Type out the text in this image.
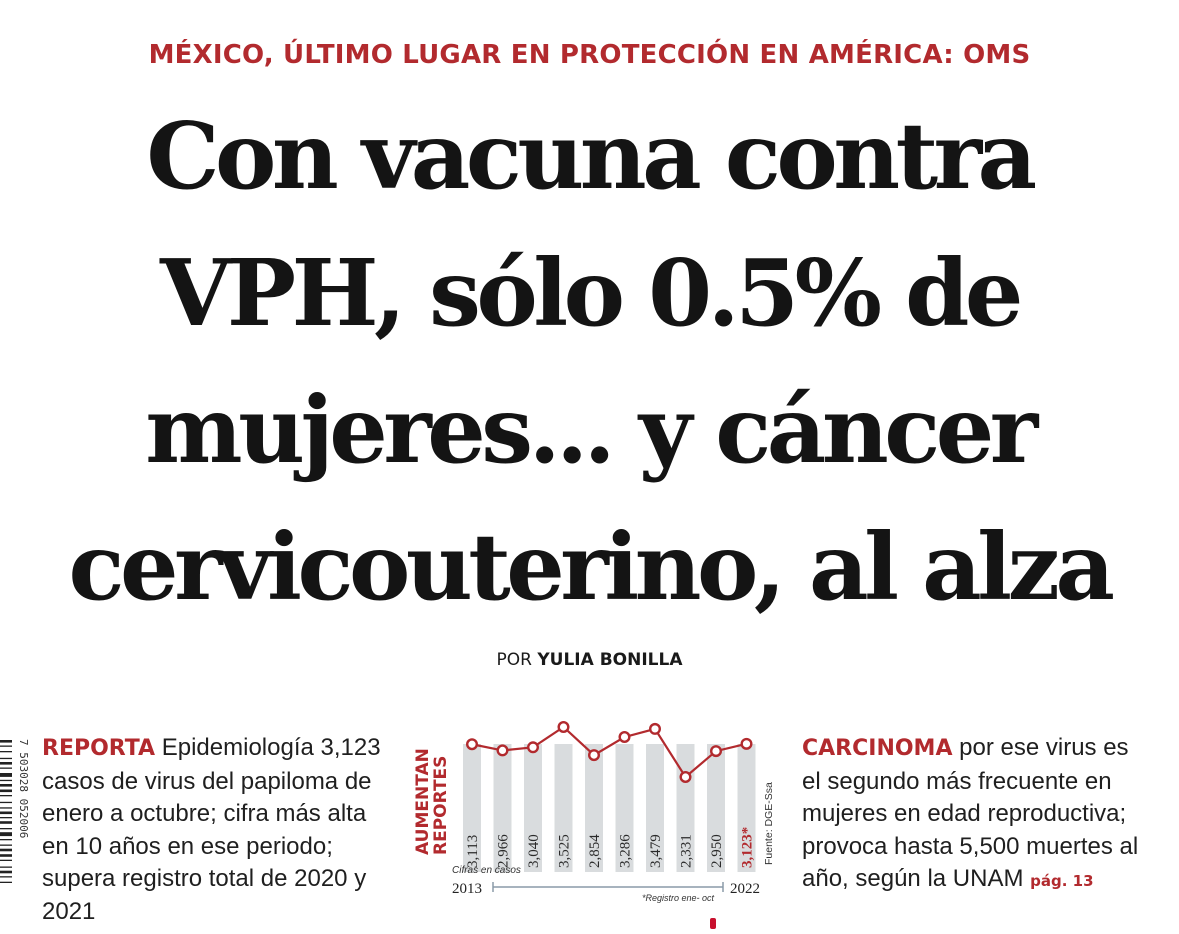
MÉXICO, ÚLTIMO LUGAR EN PROTECCIÓN EN AMÉRICA: OMS
Con vacuna contra
VPH, sólo 0.5% de
mujeres... y cáncer
cervicouterino, al alza
POR YULIA BONILLA
7 503028 052006 REPORTA Epidemiología 3,123 casos de virus del papiloma de enero a octubre; cifra más alta en 10 años en ese periodo; supera registro total de 2020 y 2021
AUMENTAN
REPORTES
Cifras en casos
Fuente: DGE-Ssa
3,113 2,966 3,040 3,525 2,854 3,286 3,479 2,331 2,950 3,123*
2013	2022
*Registro ene- oct
CARCINOMA por ese virus es el segundo más frecuente en mujeres en edad reproductiva; provoca hasta 5,500 muertes al año, según la UNAM pág. 13
